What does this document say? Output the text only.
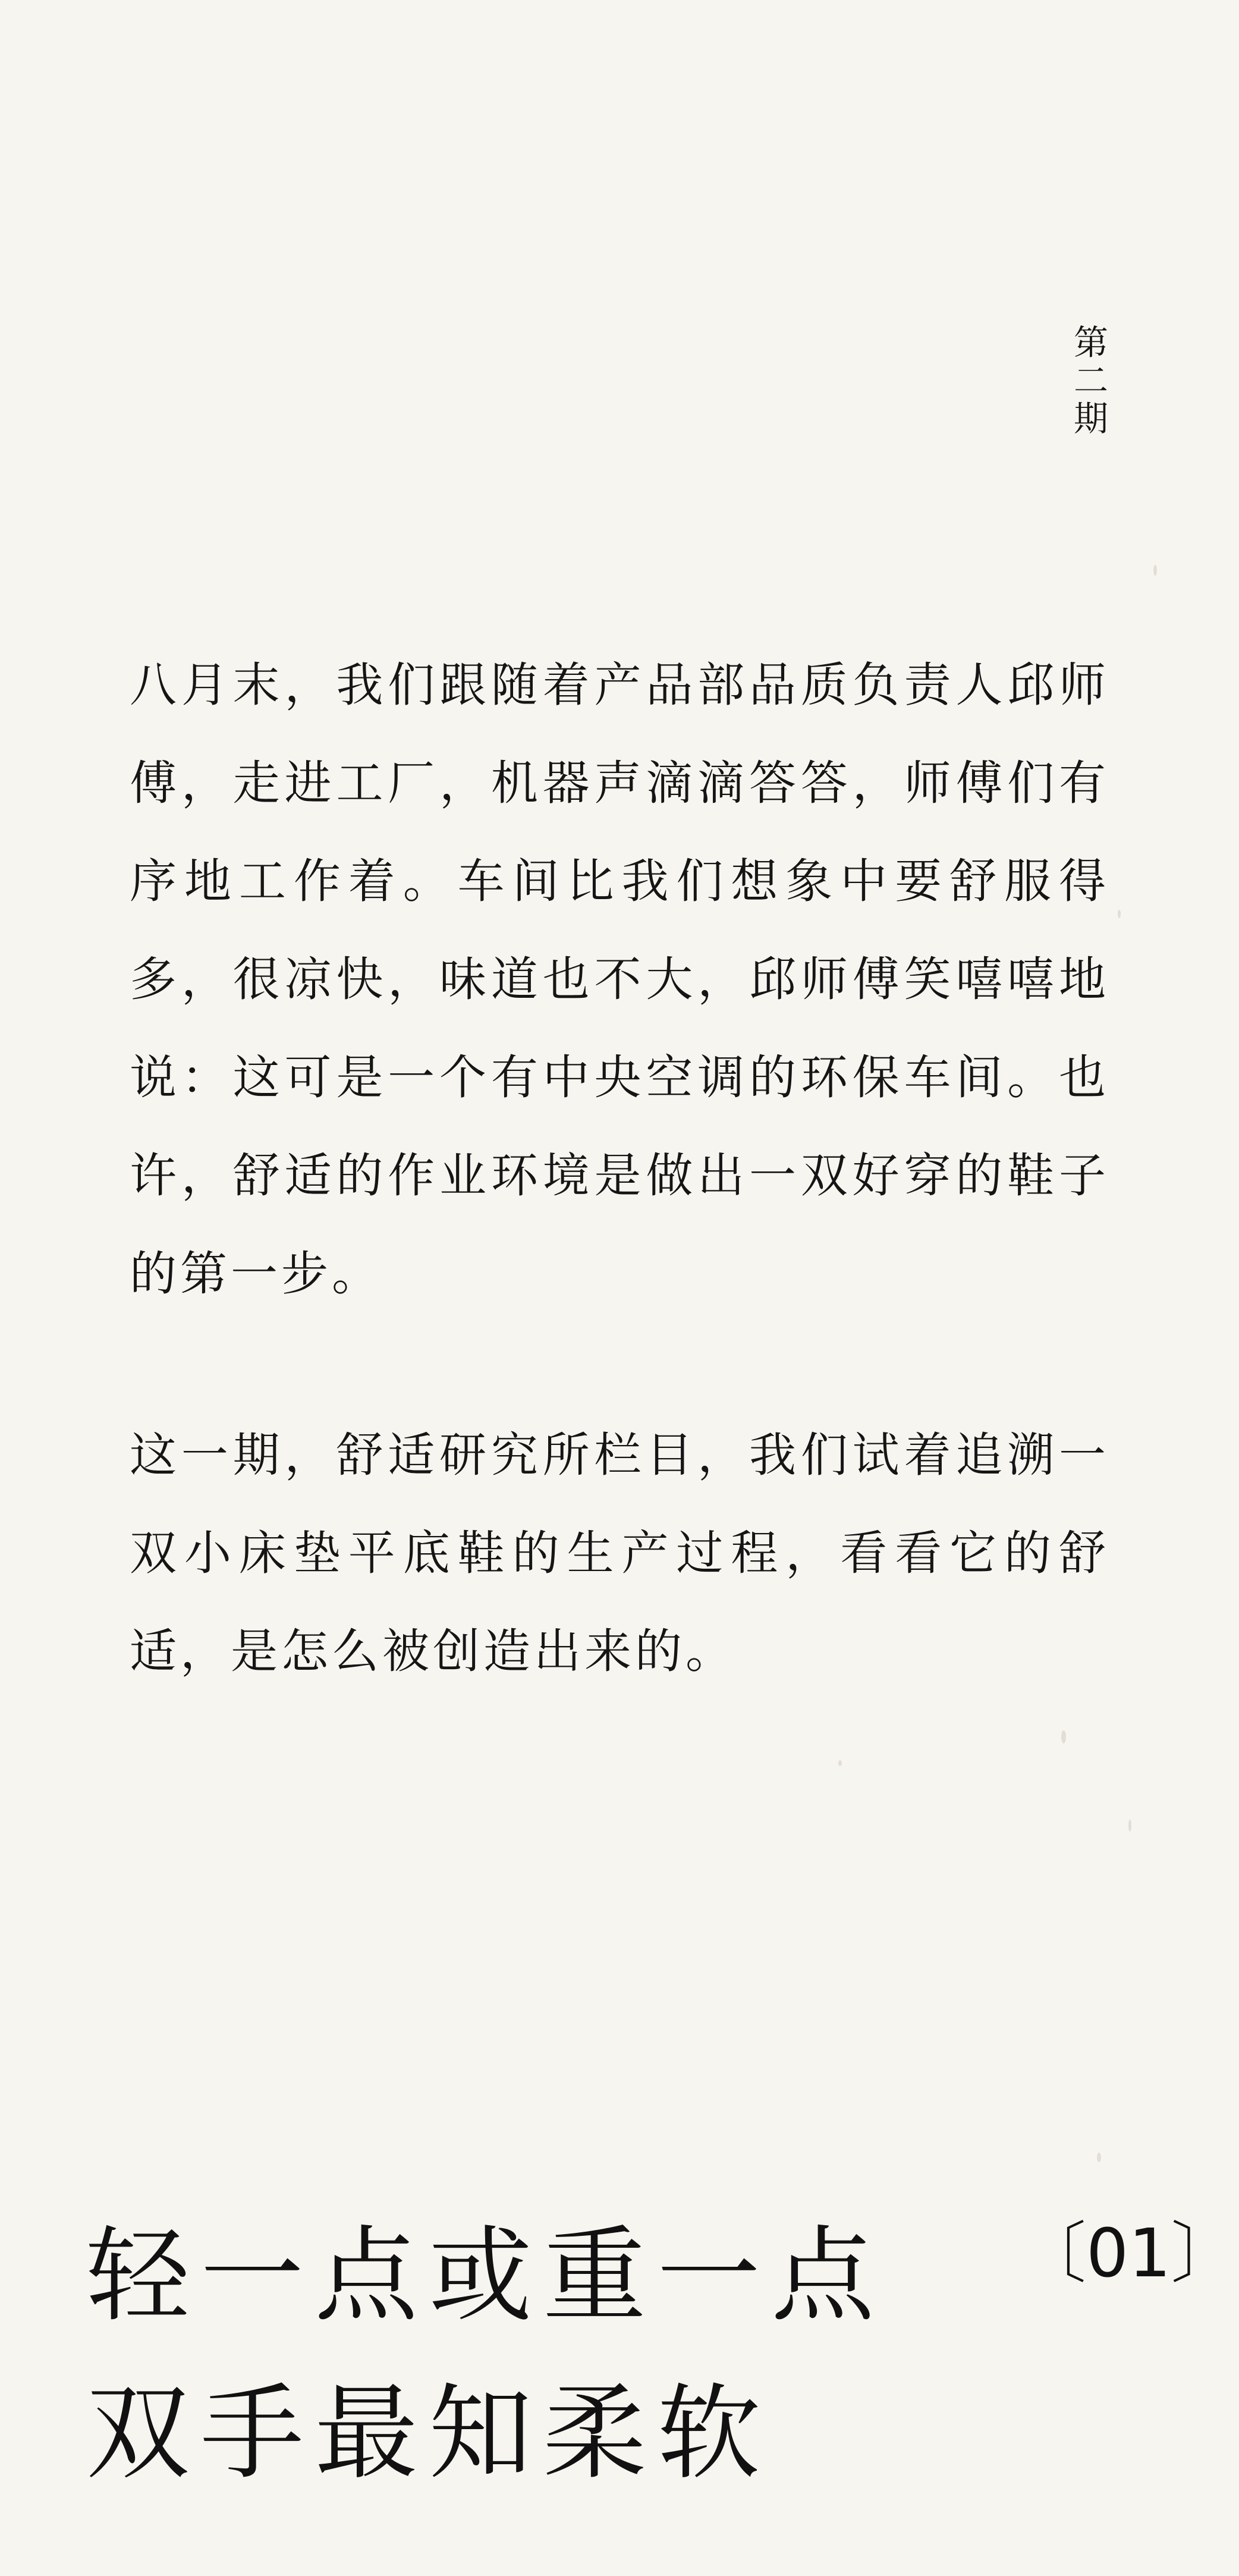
第二期

八月末，我们跟随着产品部品质负责人邱师傅，走进工厂，机器声滴滴答答，师傅们有序地工作着。车间比我们想象中要舒服得多，很凉快，味道也不大，邱师傅笑嘻嘻地说：这可是一个有中央空调的环保车间。也许，舒适的作业环境是做出一双好穿的鞋子的第一步。

这一期，舒适研究所栏目，我们试着追溯一双小床垫平底鞋的生产过程，看看它的舒适，是怎么被创造出来的。

轻一点或重一点
双手最知柔软
〔01〕
